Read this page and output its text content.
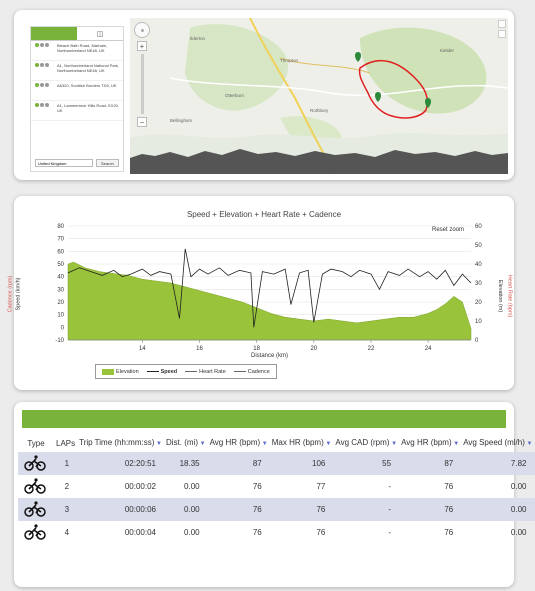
◫
Bleach Bath Road, Marham, Northumberland NE48, UK
A1, Northumberland National Park, Northumberland NE48, UK
A6320, Scottish Borders TD9, UK
A1, Lammermuir Hills Road, EX20, UK
United Kingdom
Search
Ilderton
Thropton
Rothbury
Otterburn
Bellingham
Kielder
+
−
Speed + Elevation + Heart Rate + Cadence
Reset zoom
Cadence (rpm) Speed (km/h)	Heart Rate (bpm)
Elevation (m)
-10
0
10
20
30
40
50
60
70
80
0
10
20
30
40
50
60
14	16	18	20	22	24
Distance (km)
Elevation	Speed	Heart Rate	Cadence
Type	LAPs	Trip Time (hh:mm:ss) ▼	Dist. (mi) ▼	Avg HR (bpm) ▼	Max HR (bpm) ▼	Avg CAD (rpm) ▼	Avg HR (bpm) ▼	Avg Speed (ml/h) ▼
	1	02:20:51	18.35	87	106	55	87	7.82
	2	00:00:02	0.00	76	77	-	76	0.00
	3	00:00:06	0.00	76	76	-	76	0.00
	4	00:00:04	0.00	76	76	-	76	0.00
